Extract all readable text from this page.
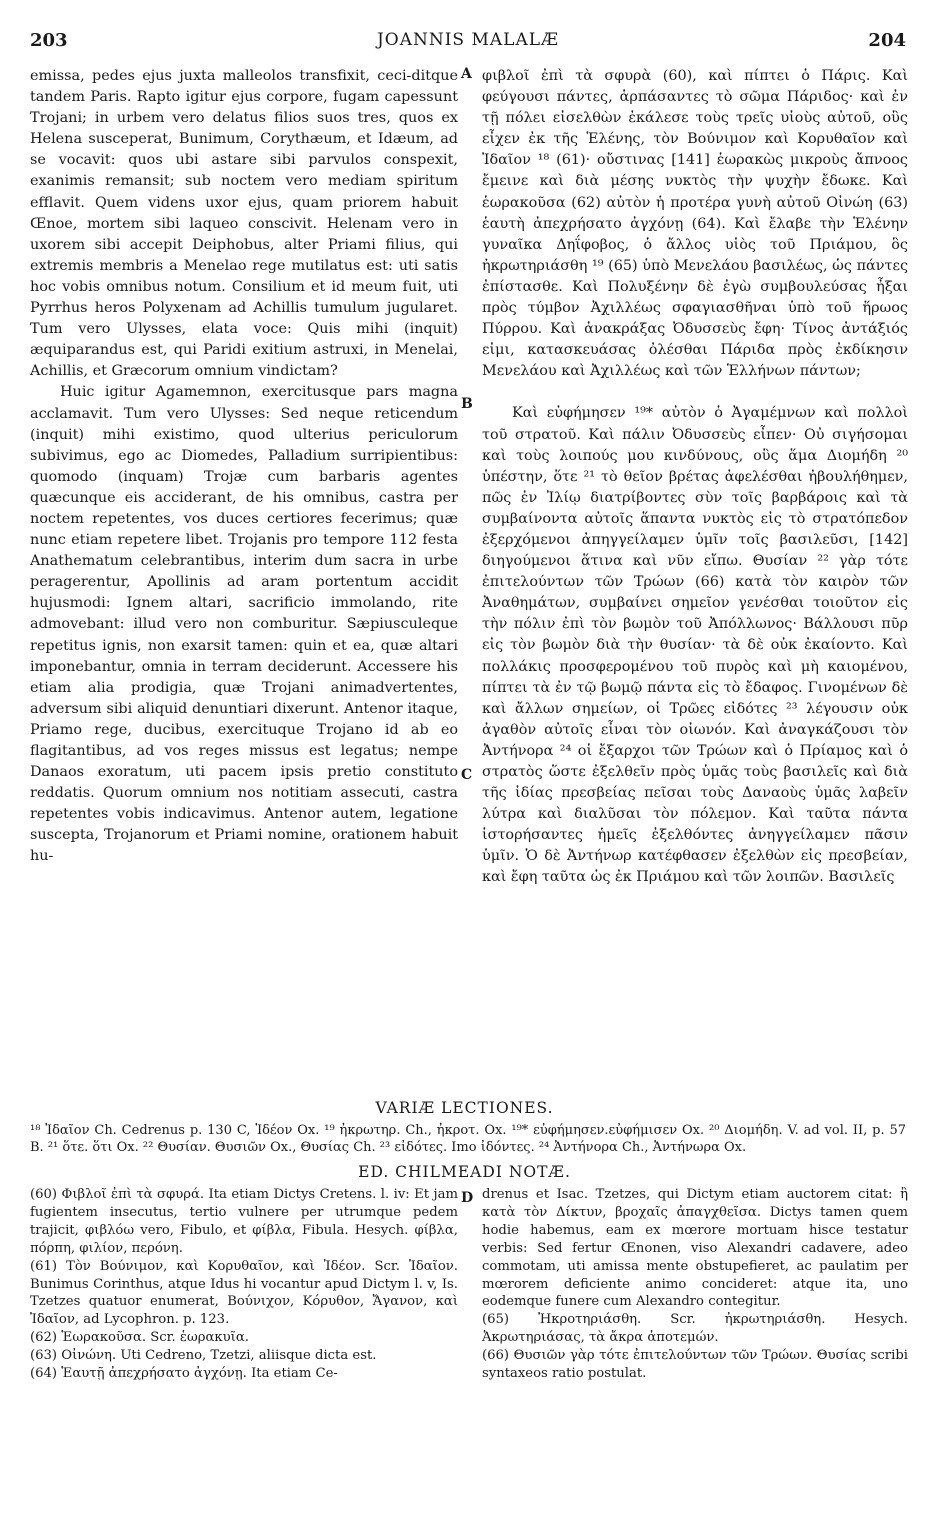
203	JOANNIS MALALÆ	204
A
B
C
D

emissa, pedes ejus juxta malleolos transfixit, ceci-ditque tandem Paris. Rapto igitur ejus corpore, fugam capessunt Trojani; in urbem vero delatus filios suos tres, quos ex Helena susceperat, Bunimum, Corythæum, et Idæum, ad se vocavit: quos ubi astare sibi parvulos conspexit, exanimis remansit; sub noctem vero mediam spiritum efflavit. Quem videns uxor ejus, quam priorem habuit Œnoe, mortem sibi laqueo conscivit. Helenam vero in uxorem sibi accepit Deiphobus, alter Priami filius, qui extremis membris a Menelao rege mutilatus est: uti satis hoc vobis omnibus notum. Consilium et id meum fuit, uti Pyrrhus heros Polyxenam ad Achillis tumulum jugularet. Tum vero Ulysses, elata voce: Quis mihi (inquit) æquiparandus est, qui Paridi exitium astruxi, in Menelai, Achillis, et Græcorum omnium vindictam?

Huic igitur Agamemnon, exercitusque pars magna acclamavit. Tum vero Ulysses: Sed neque reticendum (inquit) mihi existimo, quod ulterius periculorum subivimus, ego ac Diomedes, Palladium surripientibus: quomodo (inquam) Trojæ cum barbaris agentes quæcunque eis acciderant, de his omnibus, castra per noctem repetentes, vos duces certiores fecerimus; quæ nunc etiam repetere libet. Trojanis pro tempore 112 festa Anathematum celebrantibus, interim dum sacra in urbe peragerentur, Apollinis ad aram portentum accidit hujusmodi: Ignem altari, sacrificio immolando, rite admovebant: illud vero non comburitur. Sæpiusculeque repetitus ignis, non exarsit tamen: quin et ea, quæ altari imponebantur, omnia in terram deciderunt. Accessere his etiam alia prodigia, quæ Trojani animadvertentes, adversum sibi aliquid denuntiari dixerunt. Antenor itaque, Priamo rege, ducibus, exercituque Trojano id ab eo flagitantibus, ad vos reges missus est legatus; nempe Danaos exoratum, uti pacem ipsis pretio constituto reddatis. Quorum omnium nos notitiam assecuti, castra repetentes vobis indicavimus. Antenor autem, legatione suscepta, Trojanorum et Priami nomine, orationem habuit hu-

φιβλοῖ ἐπὶ τὰ σφυρὰ (60), καὶ πίπτει ὁ Πάρις. Καὶ φεύγουσι πάντες, ἁρπάσαντες τὸ σῶμα Πάριδος· καὶ ἐν τῇ πόλει εἰσελθὼν ἐκάλεσε τοὺς τρεῖς υἱοὺς αὐτοῦ, οὓς εἶχεν ἐκ τῆς Ἑλένης, τὸν Βούνιμον καὶ Κορυθαῖον καὶ Ἰδαῖον ¹⁸ (61)· οὔστινας [141] ἑωρακὼς μικροὺς ἄπνοος ἔμεινε καὶ διὰ μέσης νυκτὸς τὴν ψυχὴν ἔδωκε. Καὶ ἑωρακοῦσα (62) αὐτὸν ἡ προτέρα γυνὴ αὐτοῦ Οἰνώη (63) ἑαυτὴ ἀπεχρήσατο ἀγχόνῃ (64). Καὶ ἔλαβε τὴν Ἑλένην γυναῖκα Δηΐφοβος, ὁ ἄλλος υἱὸς τοῦ Πριάμου, ὃς ἠκρωτηριάσθη ¹⁹ (65) ὑπὸ Μενελάου βασιλέως, ὡς πάντες ἐπίστασθε. Καὶ Πολυξένην δὲ ἐγὼ συμβουλεύσας ἦξαι πρὸς τύμβον Ἀχιλλέως σφαγιασθῆναι ὑπὸ τοῦ ἥρωος Πύρρου. Καὶ ἀνακράξας Ὀδυσσεὺς ἔφη· Τίνος ἀντάξιός εἰμι, κατασκευάσας ὀλέσθαι Πάριδα πρὸς ἐκδίκησιν Μενελάου καὶ Ἀχιλλέως καὶ τῶν Ἑλλήνων πάντων;

Καὶ εὐφήμησεν ¹⁹* αὐτὸν ὁ Ἀγαμέμνων καὶ πολλοὶ τοῦ στρατοῦ. Καὶ πάλιν Ὀδυσσεὺς εἶπεν· Οὐ σιγήσομαι καὶ τοὺς λοιπούς μου κινδύνους, οὓς ἅμα Διομήδη ²⁰ ὑπέστην, ὅτε ²¹ τὸ θεῖον βρέτας ἀφελέσθαι ἠβουλήθημεν, πῶς ἐν Ἰλίῳ διατρίβοντες σὺν τοῖς βαρβάροις καὶ τὰ συμβαίνοντα αὐτοῖς ἅπαντα νυκτὸς εἰς τὸ στρατόπεδον ἐξερχόμενοι ἀπηγγείλαμεν ὑμῖν τοῖς βασιλεῦσι, [142] διηγούμενοι ἅτινα καὶ νῦν εἴπω. Θυσίαν ²² γὰρ τότε ἐπιτελούντων τῶν Τρώων (66) κατὰ τὸν καιρὸν τῶν Ἀναθημάτων, συμβαίνει σημεῖον γενέσθαι τοιοῦτον εἰς τὴν πόλιν ἐπὶ τὸν βωμὸν τοῦ Ἀπόλλωνος· Βάλλουσι πῦρ εἰς τὸν βωμὸν διὰ τὴν θυσίαν· τὰ δὲ οὐκ ἐκαίοντο. Καὶ πολλάκις προσφερομένου τοῦ πυρὸς καὶ μὴ καιομένου, πίπτει τὰ ἐν τῷ βωμῷ πάντα εἰς τὸ ἔδαφος. Γινομένων δὲ καὶ ἄλλων σημείων, οἱ Τρῶες εἰδότες ²³ λέγουσιν οὐκ ἀγαθὸν αὐτοῖς εἶναι τὸν οἰωνόν. Καὶ ἀναγκάζουσι τὸν Ἀντήνορα ²⁴ οἱ ἔξαρχοι τῶν Τρώων καὶ ὁ Πρίαμος καὶ ὁ στρατὸς ὥστε ἐξελθεῖν πρὸς ὑμᾶς τοὺς βασιλεῖς καὶ διὰ τῆς ἰδίας πρεσβείας πεῖσαι τοὺς Δαναοὺς ὑμᾶς λαβεῖν λύτρα καὶ διαλῦσαι τὸν πόλεμον. Καὶ ταῦτα πάντα ἱστορήσαντες ἡμεῖς ἐξελθόντες ἀνηγγείλαμεν πᾶσιν ὑμῖν. Ὁ δὲ Ἀντήνωρ κατέφθασεν ἐξελθὼν εἰς πρεσβείαν, καὶ ἔφη ταῦτα ὡς ἐκ Πριάμου καὶ τῶν λοιπῶν. Βασιλεῖς

VARIÆ LECTIONES.

¹⁸ Ἰδαῖον Ch. Cedrenus p. 130 C, Ἰδέον Ox. ¹⁹ ἠκρωτηρ. Ch., ἠκροτ. Ox. ¹⁹* εὐφήμησεν.εὐφήμισεν Ox. ²⁰ Διομήδη. V. ad vol. II, p. 57 B. ²¹ ὅτε. ὅτι Ox. ²² Θυσίαν. Θυσιῶν Ox., Θυσίας Ch. ²³ εἰδότες. Imo ἰδόντες. ²⁴ Ἀντήνορα Ch., Ἀντήνωρα Ox.

ED. CHILMEADI NOTÆ.

(60) Φιβλοῖ ἐπὶ τὰ σφυρά. Ita etiam Dictys Cretens. l. iv: Et jam fugientem insecutus, tertio vulnere per utrumque pedem trajicit, φιβλόω vero, Fibulo, et φίβλα, Fibula. Hesych. φίβλα, πόρπη, φιλίον, περόνη.

(61) Τὸν Βούνιμον, καὶ Κορυθαῖον, καὶ Ἰδέον. Scr. Ἰδαῖον. Bunimus Corinthus, atque Idus hi vocantur apud Dictym l. v, Is. Tzetzes quatuor enumerat, Βούνιχον, Κόρυθον, Ἄγανον, καὶ Ἰδαῖον, ad Lycophron. p. 123.

(62) Ἑωρακοῦσα. Scr. ἑωρακυῖα.

(63) Οἰνώνη. Uti Cedreno, Tzetzi, aliisque dicta est.

(64) Ἑαυτῇ ἀπεχρήσατο ἀγχόνῃ. Ita etiam Ce-

drenus et Isac. Tzetzes, qui Dictym etiam auctorem citat: ἢ κατὰ τὸν Δίκτυν, βροχαῖς ἀπαγχθεῖσα. Dictys tamen quem hodie habemus, eam ex mœrore mortuam hisce testatur verbis: Sed fertur Œnonen, viso Alexandri cadavere, adeo commotam, uti amissa mente obstupefieret, ac paulatim per mœrorem deficiente animo concideret: atque ita, uno eodemque funere cum Alexandro contegitur.

(65) Ἠκροτηριάσθη. Scr. ἠκρωτηριάσθη. Hesych. Ἀκρωτηριάσας, τὰ ἄκρα ἀποτεμών.

(66) Θυσιῶν γὰρ τότε ἐπιτελούντων τῶν Τρώων. Θυσίας scribi syntaxeos ratio postulat.
